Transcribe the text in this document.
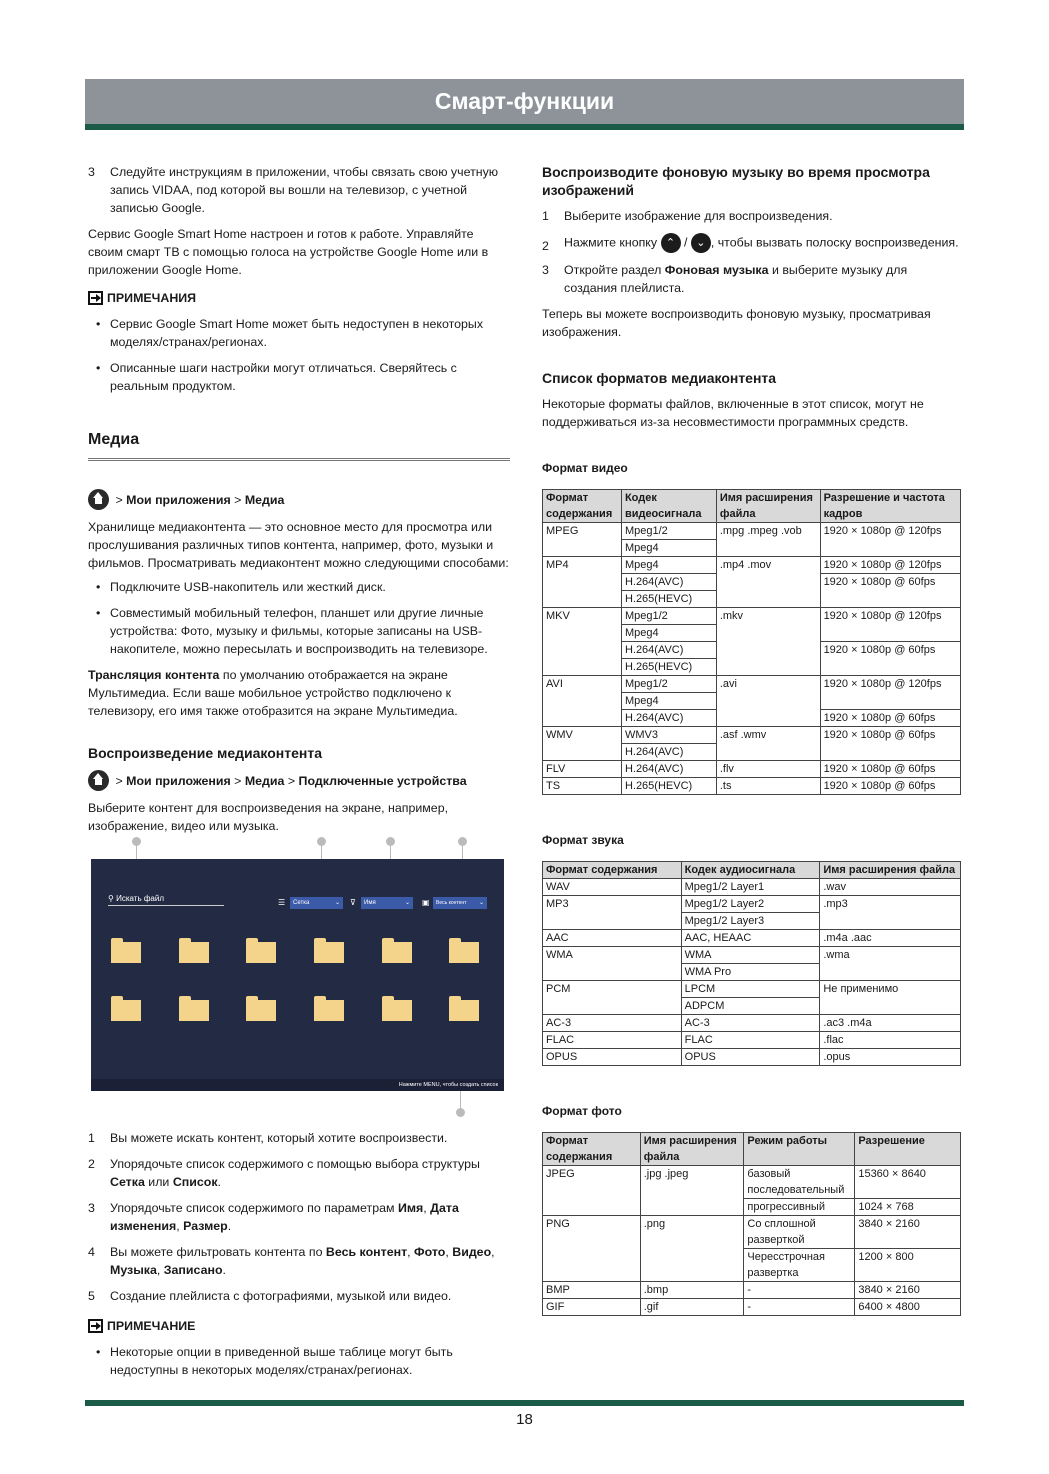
Смарт-функции
3 Следуйте инструкциям в приложении, чтобы связать свою учетную запись VIDAA, под которой вы вошли на телевизор, с учетной записью Google.

Сервис Google Smart Home настроен и готов к работе. Управляйте своим смарт ТВ с помощью голоса на устройстве Google Home или в приложении Google Home.

ПРИМЕЧАНИЯ
• Сервис Google Smart Home может быть недоступен в некоторых моделях/странах/регионах.
• Описанные шаги настройки могут отличаться. Сверяйтесь с реальным продуктом.
Медиа
> Мои приложения > Медиа

Хранилище медиаконтента — это основное место для просмотра или прослушивания различных типов контента, например, фото, музыки и фильмов. Просматривать медиаконтент можно следующими способами:

• Подключите USB-накопитель или жесткий диск.
• Совместимый мобильный телефон, планшет или другие личные устройства: Фото, музыку и фильмы, которые записаны на USB-накопителе, можно пересылать и воспроизводить на телевизоре.

Трансляция контента по умолчанию отображается на экране Мультимедиа. Если ваше мобильное устройство подключено к телевизору, его имя также отобразится на экране Мультимедиа.

Воспроизведение медиаконтента
> Мои приложения > Медиа > Подключенные устройства

Выберите контент для воспроизведения на экране, например, изображение, видео или музыка.

⚲ Искать файл	☰	Сетка	⌄ ⊽	Имя	⌄ ▣	Весь контент ⌄
Нажмите MENU, чтобы создать список
1 Вы можете искать контент, который хотите воспроизвести.
2 Упорядочьте список содержимого с помощью выбора структуры Сетка или Список.
3 Упорядочьте список содержимого по параметрам Имя, Дата изменения, Размер.
4 Вы можете фильтровать контента по Весь контент, Фото, Видео, Музыка, Записано.
5 Создание плейлиста с фотографиями, музыкой или видео.
ПРИМЕЧАНИЕ
• Некоторые опции в приведенной выше таблице могут быть недоступны в некоторых моделях/странах/регионах.
Воспроизводите фоновую музыку во время просмотра изображений
1 Выберите изображение для воспроизведения.
2 Нажмите кнопку ⌃ / ⌄ , чтобы вызвать полоску воспроизведения.
3 Откройте раздел Фоновая музыка и выберите музыку для создания плейлиста.

Теперь вы можете воспроизводить фоновую музыку, просматривая изображения.

Список форматов медиаконтента

Некоторые форматы файлов, включенные в этот список, могут не поддерживаться из-за несовместимости программных средств.

Формат видео
Формат содержания	Кодек видеосигнала	Имя расширения файла	Разрешение и частота кадров
MPEG	Mpeg1/2	.mpg .mpeg .vob	1920 × 1080p @ 120fps
	Mpeg4		
MP4	Mpeg4	.mp4 .mov	1920 × 1080p @ 120fps
	H.264(AVC)		1920 × 1080p @ 60fps
	H.265(HEVC)		
MKV	Mpeg1/2	.mkv	1920 × 1080p @ 120fps
	Mpeg4		
	H.264(AVC)		1920 × 1080p @ 60fps
	H.265(HEVC)		
AVI	Mpeg1/2	.avi	1920 × 1080p @ 120fps
	Mpeg4		
	H.264(AVC)		1920 × 1080p @ 60fps
WMV	WMV3	.asf .wmv	1920 × 1080p @ 60fps
	H.264(AVC)		
FLV	H.264(AVC)	.flv	1920 × 1080p @ 60fps
TS	H.265(HEVC)	.ts	1920 × 1080p @ 60fps
Формат звука
Формат содержания	Кодек аудиосигнала	Имя расширения файла
WAV	Mpeg1/2 Layer1	.wav
MP3	Mpeg1/2 Layer2	.mp3
	Mpeg1/2 Layer3	
AAC	AAC, HEAAC	.m4a .aac
WMA	WMA	.wma
	WMA Pro	
PCM	LPCM	Не применимо
	ADPCM	
AC-3	AC-3	.ac3 .m4a
FLAC	FLAC	.flac
OPUS	OPUS	.opus
Формат фото
Формат содержания	Имя расширения файла	Режим работы	Разрешение
JPEG	.jpg .jpeg	базовый последовательный	15360 × 8640
		прогрессивный	1024 × 768
PNG	.png	Со сплошной разверткой	3840 × 2160
		Чересстрочная развертка	1200 × 800
BMP	.bmp	-	3840 × 2160
GIF	.gif	-	6400 × 4800
18
